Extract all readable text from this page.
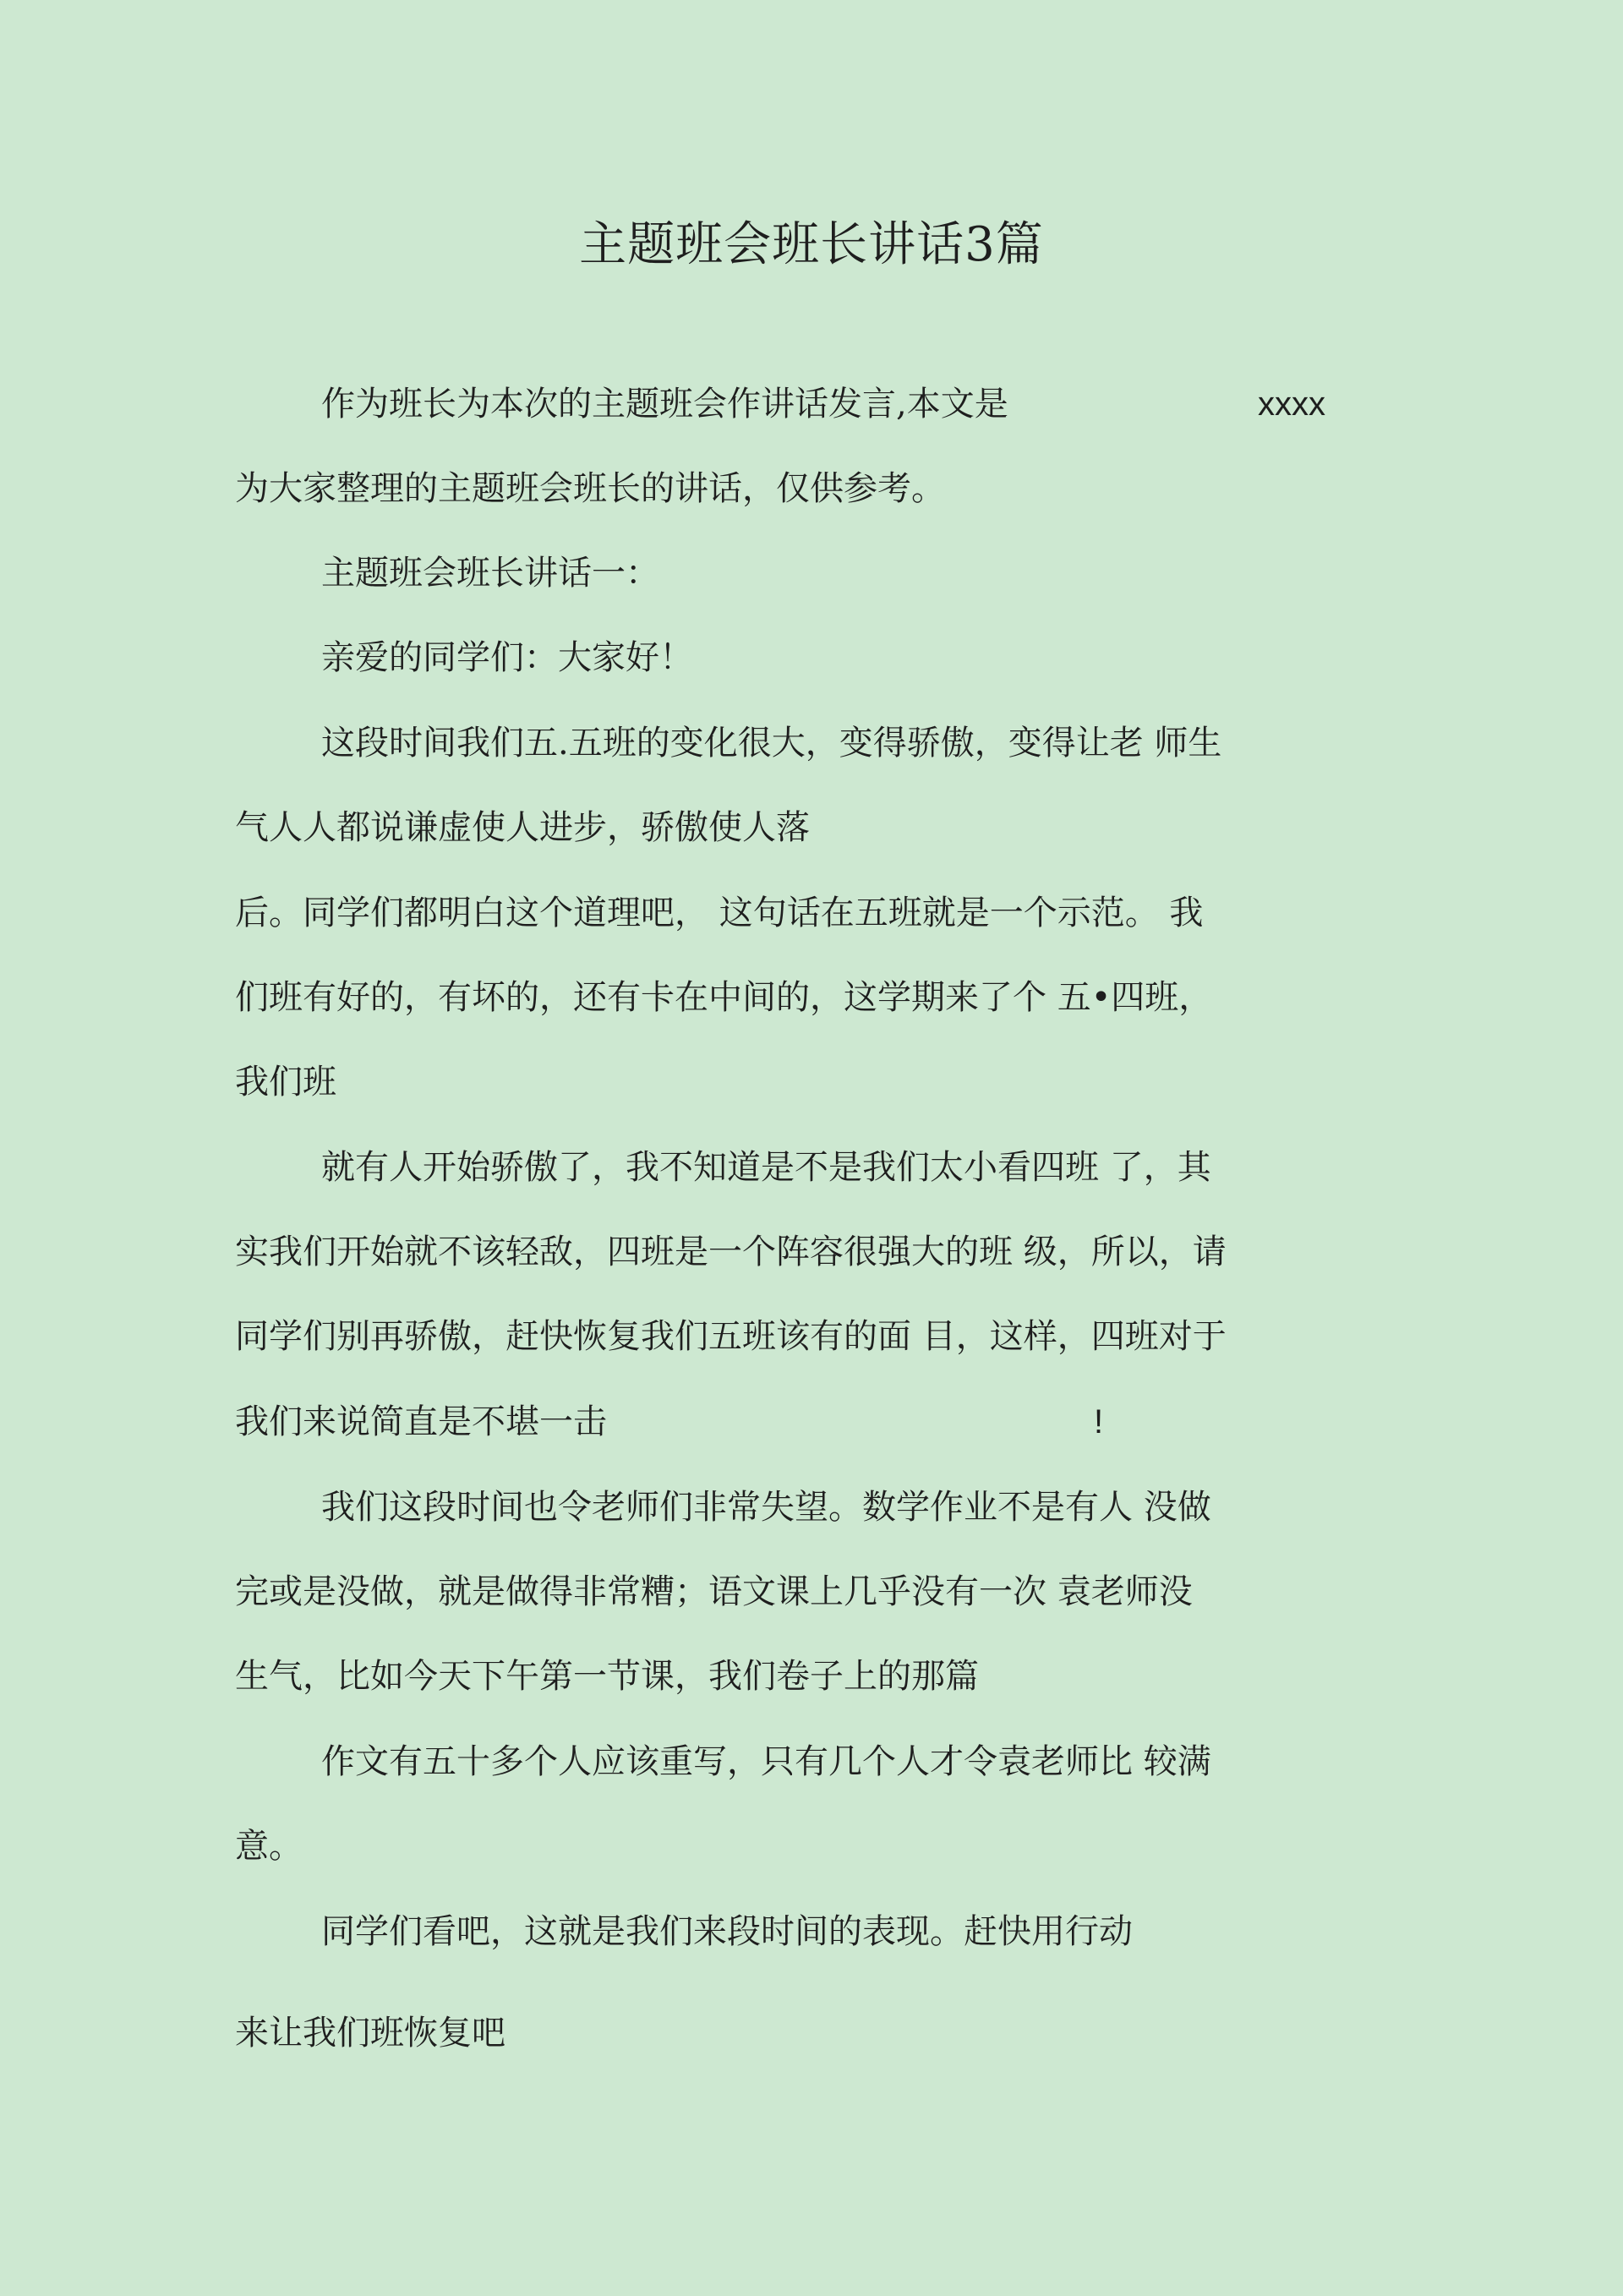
主题班会班长讲话3篇
作为班长为本次的主题班会作讲话发言,本文是	xxxx
为大家整理的主题班会班长的讲话，仅供参考。
主题班会班长讲话一：
亲爱的同学们：大家好！
这段时间我们五.五班的变化很大，变得骄傲，变得让老 师生
气人人都说谦虚使人进步，骄傲使人落
后。同学们都明白这个道理吧， 这句话在五班就是一个示范。 我
们班有好的，有坏的，还有卡在中间的，这学期来了个 五•四班，
我们班
就有人开始骄傲了，我不知道是不是我们太小看四班 了，其
实我们开始就不该轻敌，四班是一个阵容很强大的班 级，所以，请
同学们别再骄傲，赶快恢复我们五班该有的面 目，这样，四班对于
我们来说简直是不堪一击	!
我们这段时间也令老师们非常失望。数学作业不是有人 没做
完或是没做，就是做得非常糟；语文课上几乎没有一次 袁老师没
生气，比如今天下午第一节课，我们卷子上的那篇
作文有五十多个人应该重写，只有几个人才令袁老师比 较满
意。
同学们看吧，这就是我们来段时间的表现。赶快用行动
来让我们班恢复吧
